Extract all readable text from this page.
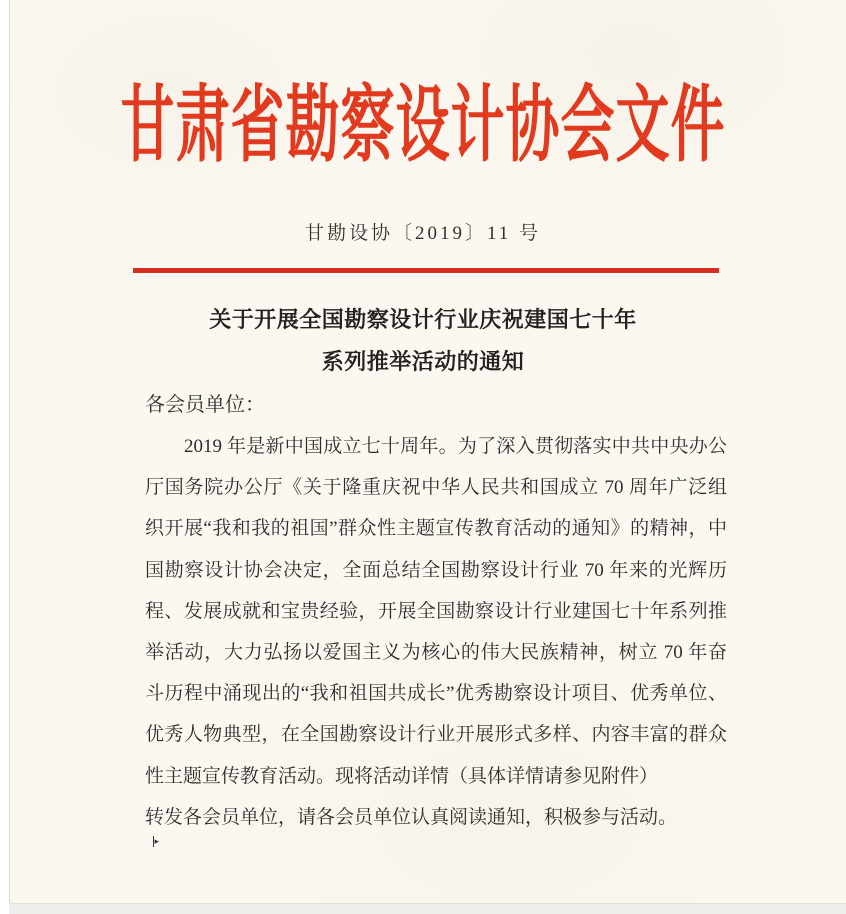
甘肃省勘察设计协会文件
甘勘设协〔2019〕11 号
关于开展全国勘察设计行业庆祝建国七十年
系列推举活动的通知
各会员单位：
2019 年是新中国成立七十周年。为了深入贯彻落实中共中央办公
厅国务院办公厅《关于隆重庆祝中华人民共和国成立 70 周年广泛组
织开展“我和我的祖国”群众性主题宣传教育活动的通知》的精神，中
国勘察设计协会决定，全面总结全国勘察设计行业 70 年来的光辉历
程、发展成就和宝贵经验，开展全国勘察设计行业建国七十年系列推
举活动，大力弘扬以爱国主义为核心的伟大民族精神，树立 70 年奋
斗历程中涌现出的“我和祖国共成长”优秀勘察设计项目、优秀单位、
优秀人物典型，在全国勘察设计行业开展形式多样、内容丰富的群众
性主题宣传教育活动。现将活动详情（具体详情请参见附件）
转发各会员单位，请各会员单位认真阅读通知，积极参与活动。
▸
